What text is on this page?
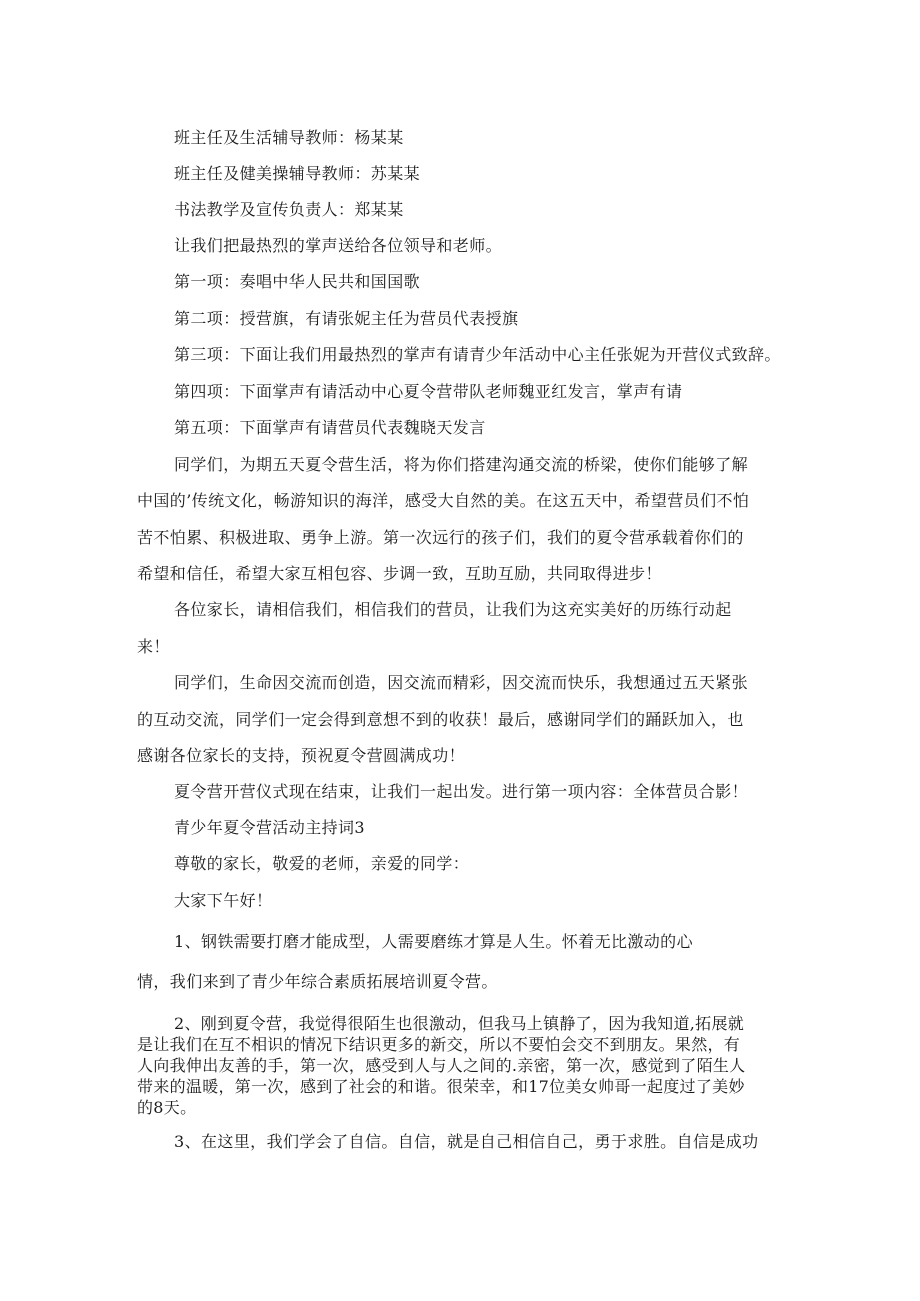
班主任及生活辅导教师：杨某某
班主任及健美操辅导教师：苏某某
书法教学及宣传负责人：郑某某
让我们把最热烈的掌声送给各位领导和老师。
第一项：奏唱中华人民共和国国歌
第二项：授营旗，有请张妮主任为营员代表授旗
第三项：下面让我们用最热烈的掌声有请青少年活动中心主任张妮为开营仪式致辞。
第四项：下面掌声有请活动中心夏令营带队老师魏亚红发言，掌声有请
第五项：下面掌声有请营员代表魏晓天发言
同学们，为期五天夏令营生活，将为你们搭建沟通交流的桥梁，使你们能够了解
中国的’传统文化，畅游知识的海洋，感受大自然的美。在这五天中，希望营员们不怕
苦不怕累、积极进取、勇争上游。第一次远行的孩子们，我们的夏令营承载着你们的
希望和信任，希望大家互相包容、步调一致，互助互励，共同取得进步！
各位家长，请相信我们，相信我们的营员，让我们为这充实美好的历练行动起
来！
同学们，生命因交流而创造，因交流而精彩，因交流而快乐，我想通过五天紧张
的互动交流，同学们一定会得到意想不到的收获！最后，感谢同学们的踊跃加入，也
感谢各位家长的支持，预祝夏令营圆满成功！
夏令营开营仪式现在结束，让我们一起出发。进行第一项内容：全体营员合影！
青少年夏令营活动主持词3
尊敬的家长，敬爱的老师，亲爱的同学：
大家下午好！
1、钢铁需要打磨才能成型，人需要磨练才算是人生。怀着无比激动的心
情，我们来到了青少年综合素质拓展培训夏令营。
2、刚到夏令营，我觉得很陌生也很激动，但我马上镇静了，因为我知道,拓展就
是让我们在互不相识的情况下结识更多的新交，所以不要怕会交不到朋友。果然，有
人向我伸出友善的手，第一次，感受到人与人之间的.亲密，第一次，感觉到了陌生人
带来的温暖，第一次，感到了社会的和谐。很荣幸，和17位美女帅哥一起度过了美妙
的8天。
3、在这里，我们学会了自信。自信，就是自己相信自己，勇于求胜。自信是成功
